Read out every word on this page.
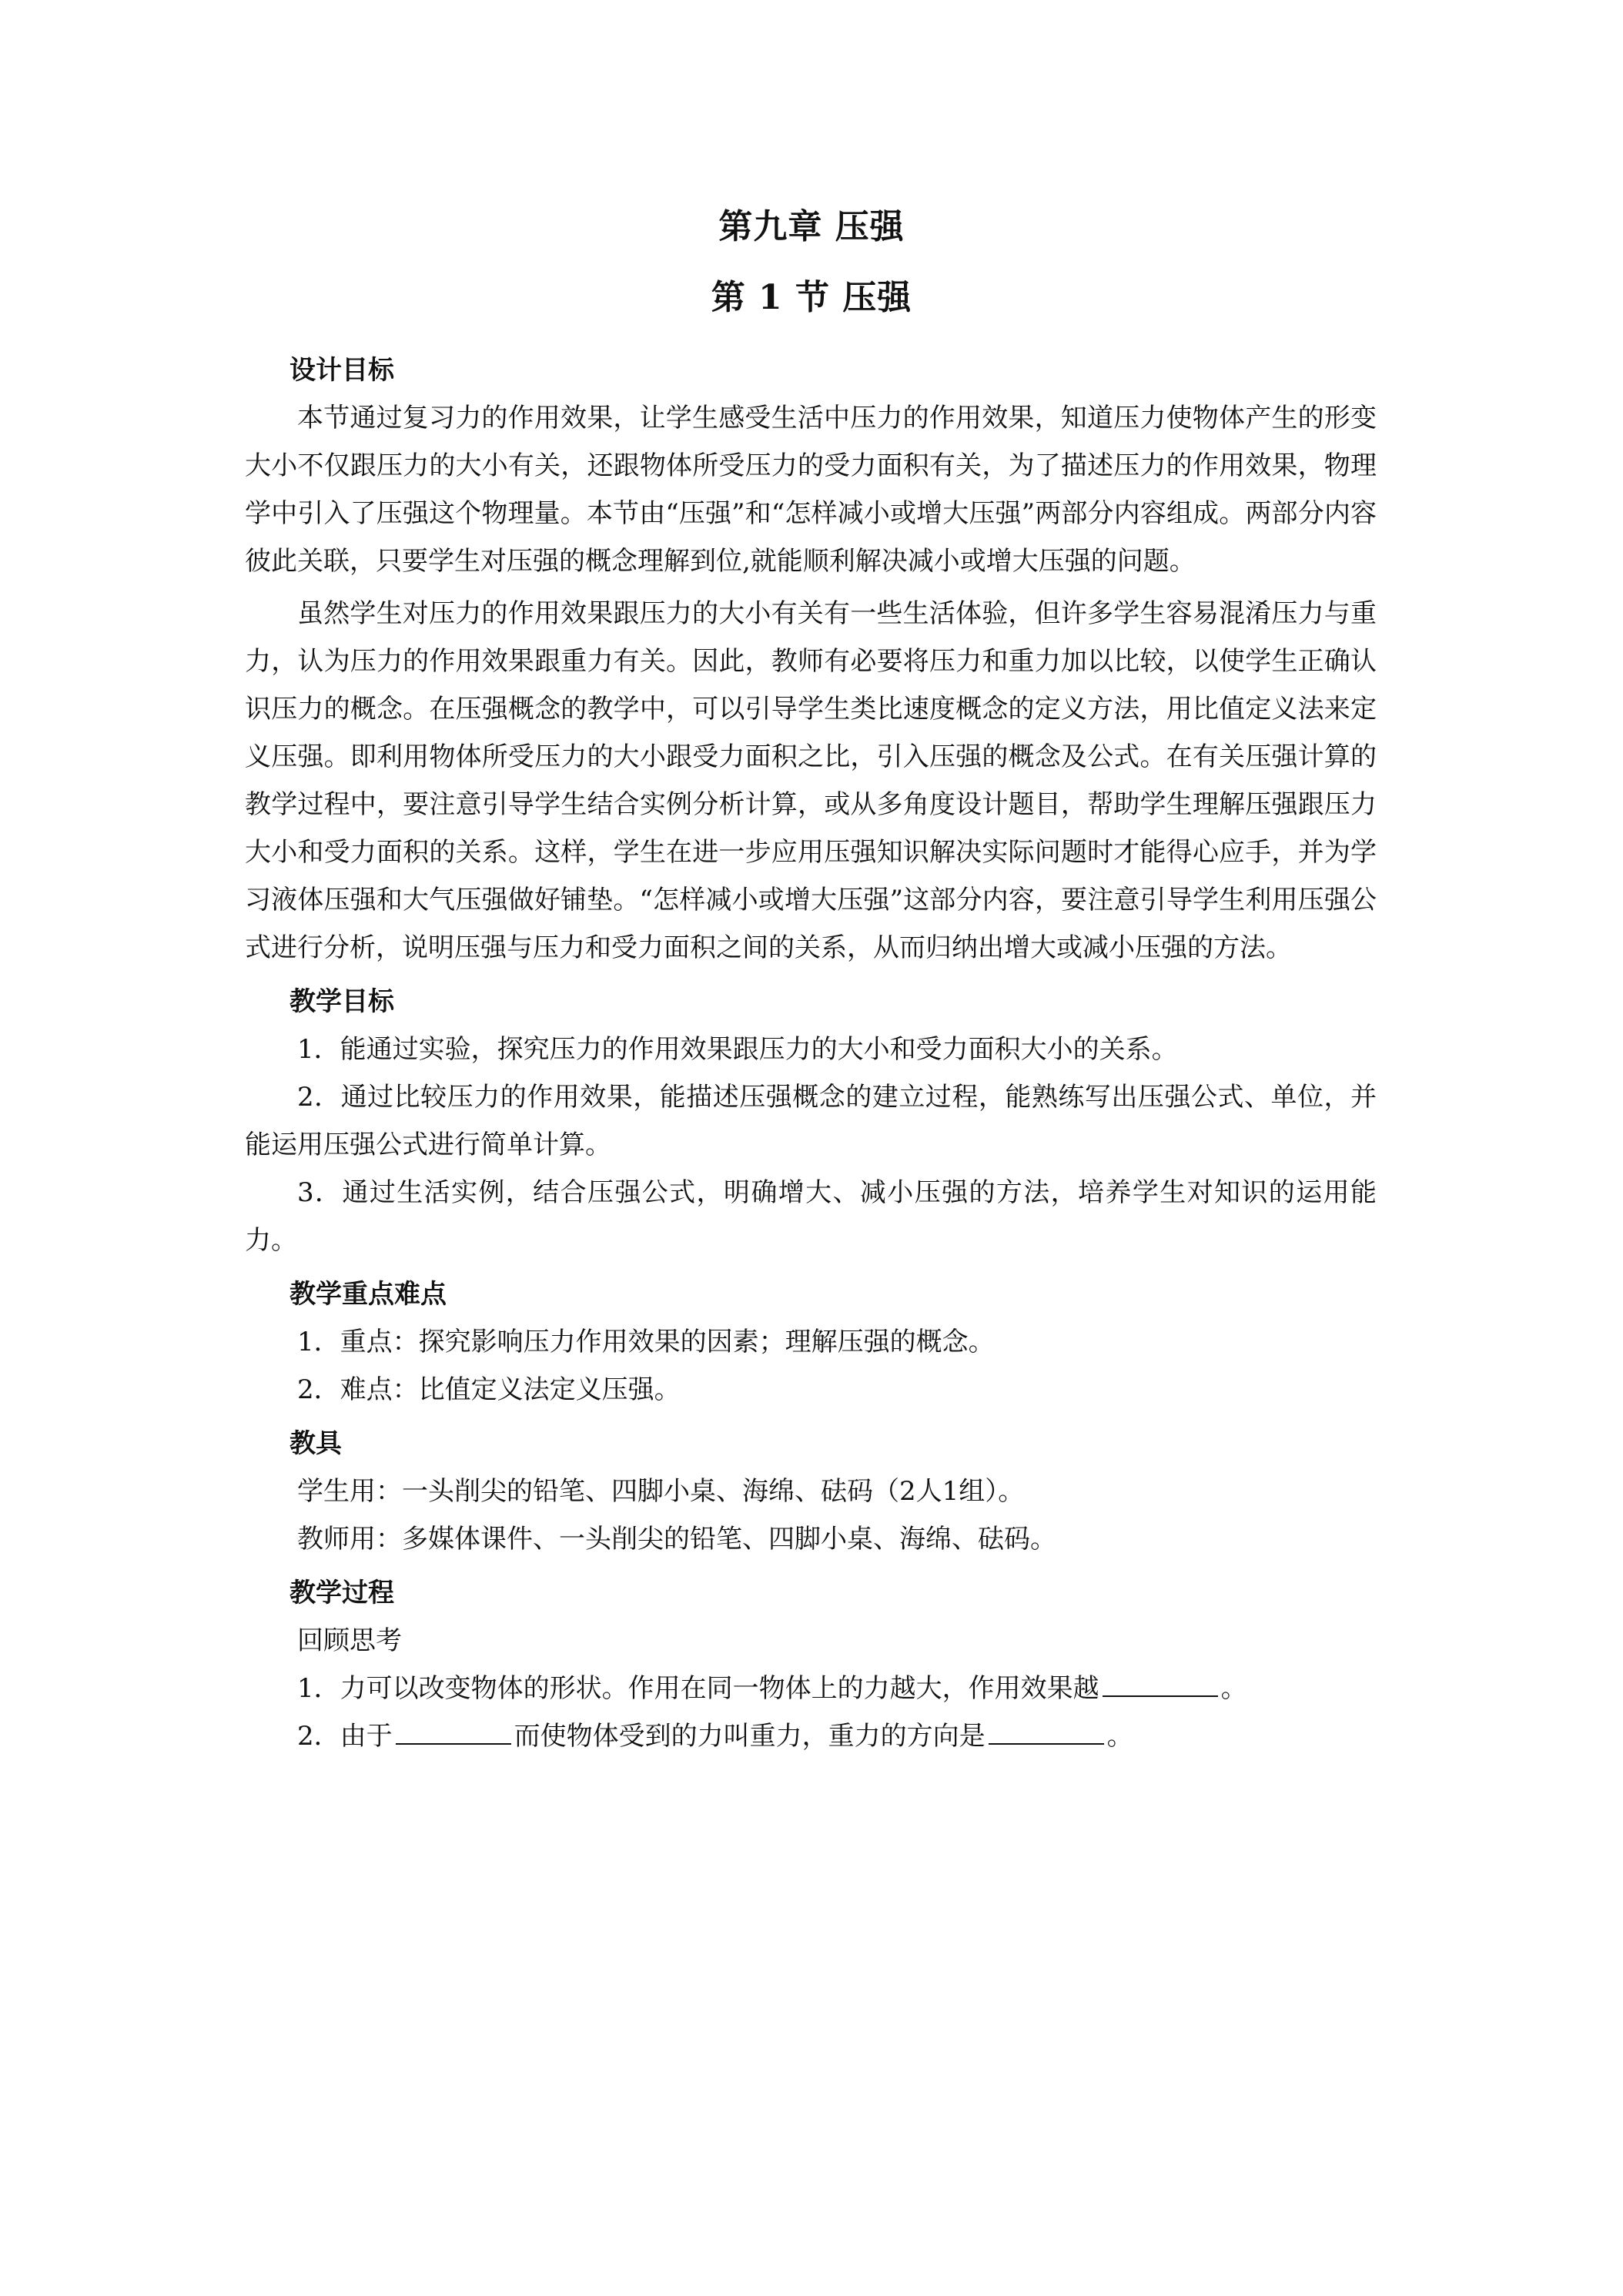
第九章 压强
第 1 节 压强

设计目标

本节通过复习力的作用效果，让学生感受生活中压力的作用效果，知道压力使物体产生的形变大小不仅跟压力的大小有关，还跟物体所受压力的受力面积有关，为了描述压力的作用效果，物理学中引入了压强这个物理量。本节由“压强”和“怎样减小或增大压强”两部分内容组成。两部分内容彼此关联，只要学生对压强的概念理解到位,就能顺利解决减小或增大压强的问题。

虽然学生对压力的作用效果跟压力的大小有关有一些生活体验，但许多学生容易混淆压力与重力，认为压力的作用效果跟重力有关。因此，教师有必要将压力和重力加以比较，以使学生正确认识压力的概念。在压强概念的教学中，可以引导学生类比速度概念的定义方法，用比值定义法来定义压强。即利用物体所受压力的大小跟受力面积之比，引入压强的概念及公式。在有关压强计算的教学过程中，要注意引导学生结合实例分析计算，或从多角度设计题目，帮助学生理解压强跟压力大小和受力面积的关系。这样，学生在进一步应用压强知识解决实际问题时才能得心应手，并为学习液体压强和大气压强做好铺垫。“怎样减小或增大压强”这部分内容，要注意引导学生利用压强公式进行分析，说明压强与压力和受力面积之间的关系，从而归纳出增大或减小压强的方法。

教学目标

1．能通过实验，探究压力的作用效果跟压力的大小和受力面积大小的关系。

2．通过比较压力的作用效果，能描述压强概念的建立过程，能熟练写出压强公式、单位，并能运用压强公式进行简单计算。

3．通过生活实例，结合压强公式，明确增大、减小压强的方法，培养学生对知识的运用能力。

教学重点难点

1．重点：探究影响压力作用效果的因素；理解压强的概念。

2．难点：比值定义法定义压强。

教具

学生用：一头削尖的铅笔、四脚小桌、海绵、砝码（2人1组）。

教师用：多媒体课件、一头削尖的铅笔、四脚小桌、海绵、砝码。

教学过程

回顾思考

1．力可以改变物体的形状。作用在同一物体上的力越大，作用效果越	。

2．由于	而使物体受到的力叫重力，重力的方向是	。
